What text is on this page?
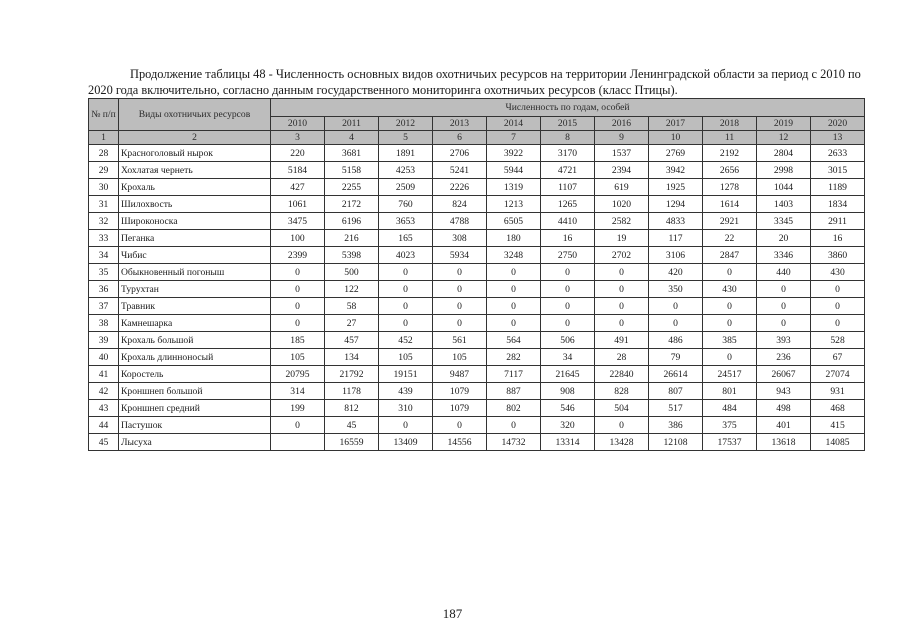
Продолжение таблицы 48 - Численность основных видов охотничьих ресурсов на территории Ленинградской области за период с 2010 по 2020 года включительно, согласно данным государственного мониторинга охотничьих ресурсов (класс Птицы).

№ п/п	Виды охотничьих ресурсов	Численность по годам, особей										
		2010	2011	2012	2013	2014	2015	2016	2017	2018	2019	2020
1	2	3	4	5	6	7	8	9	10	11	12	13
28	Красноголовый нырок	220	3681	1891	2706	3922	3170	1537	2769	2192	2804	2633
29	Хохлатая чернеть	5184	5158	4253	5241	5944	4721	2394	3942	2656	2998	3015
30	Крохаль	427	2255	2509	2226	1319	1107	619	1925	1278	1044	1189
31	Шилохвость	1061	2172	760	824	1213	1265	1020	1294	1614	1403	1834
32	Широконоска	3475	6196	3653	4788	6505	4410	2582	4833	2921	3345	2911
33	Пеганка	100	216	165	308	180	16	19	117	22	20	16
34	Чибис	2399	5398	4023	5934	3248	2750	2702	3106	2847	3346	3860
35	Обыкновенный погоныш	0	500	0	0	0	0	0	420	0	440	430
36	Турухтан	0	122	0	0	0	0	0	350	430	0	0
37	Травник	0	58	0	0	0	0	0	0	0	0	0
38	Камнешарка	0	27	0	0	0	0	0	0	0	0	0
39	Крохаль большой	185	457	452	561	564	506	491	486	385	393	528
40	Крохаль длинноносый	105	134	105	105	282	34	28	79	0	236	67
41	Коростель	20795	21792	19151	9487	7117	21645	22840	26614	24517	26067	27074
42	Кроншнеп большой	314	1178	439	1079	887	908	828	807	801	943	931
43	Кроншнеп средний	199	812	310	1079	802	546	504	517	484	498	468
44	Пастушок	0	45	0	0	0	320	0	386	375	401	415
45	Лысуха		16559	13409	14556	14732	13314	13428	12108	17537	13618	14085
187
